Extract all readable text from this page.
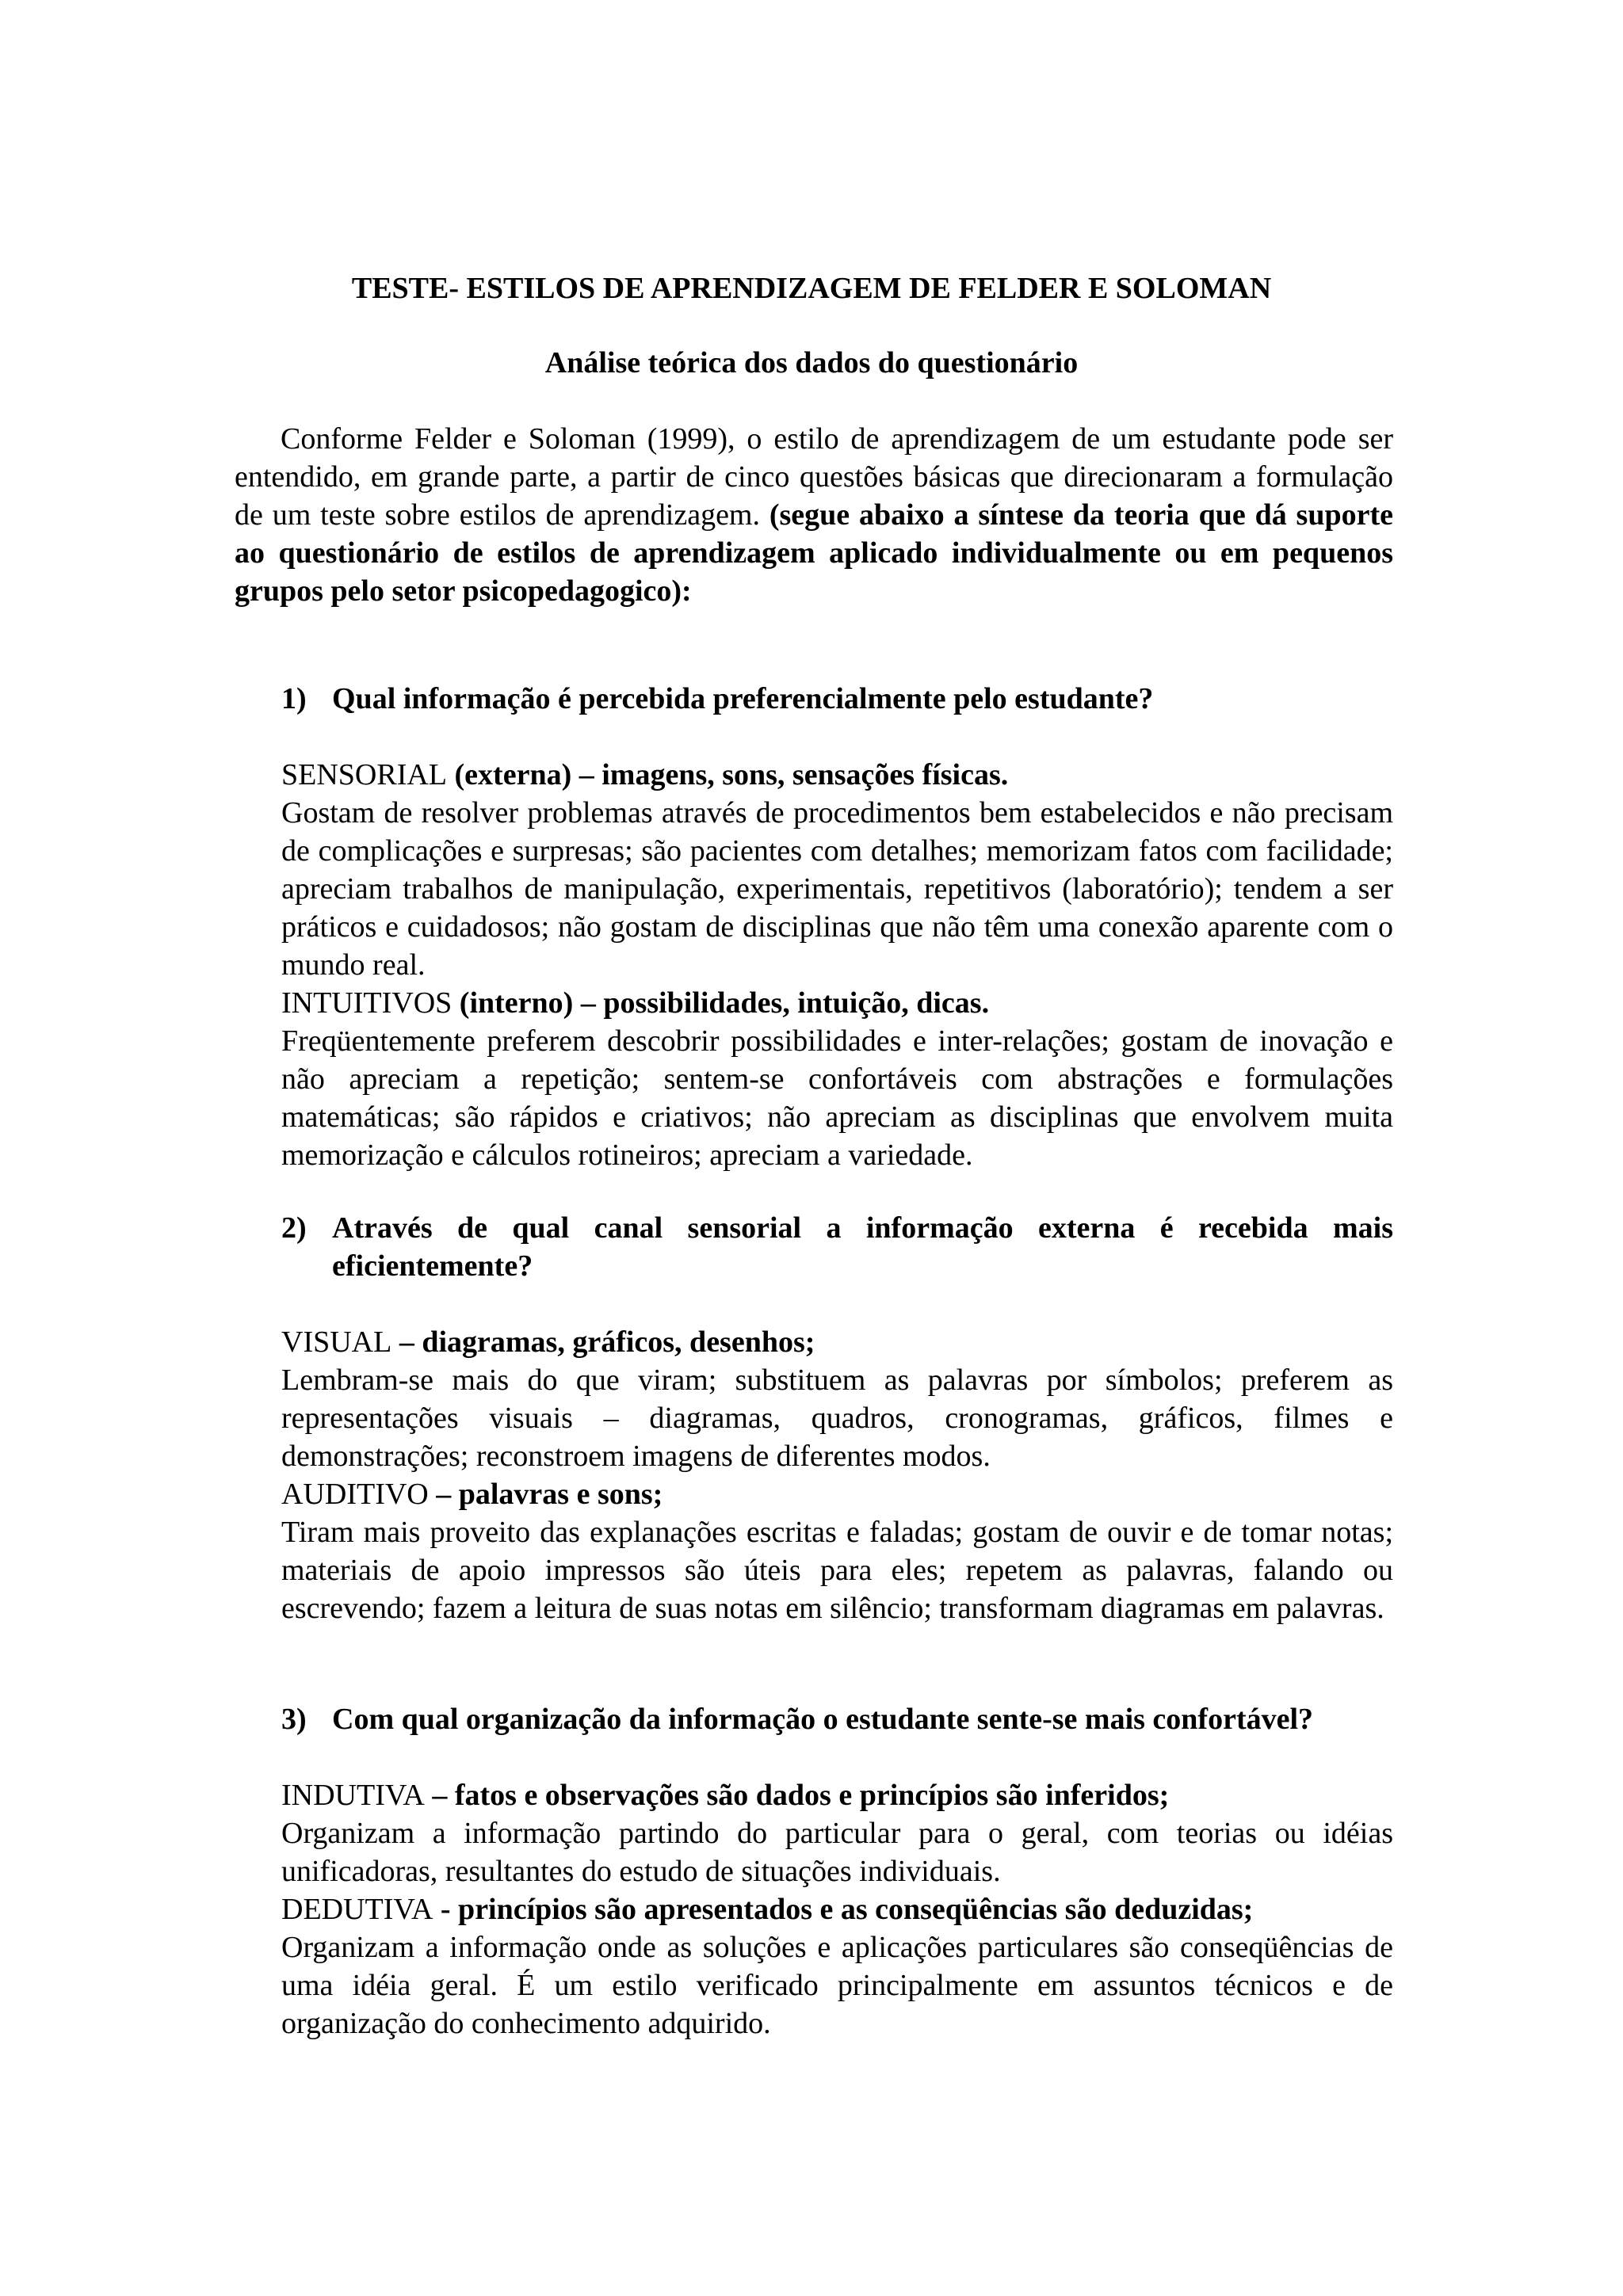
TESTE- ESTILOS DE APRENDIZAGEM DE FELDER E SOLOMAN
Análise teórica dos dados do questionário

Conforme Felder e Soloman (1999), o estilo de aprendizagem de um estudante pode ser entendido, em grande parte, a partir de cinco questões básicas que direcionaram a formulação de um teste sobre estilos de aprendizagem. (segue abaixo a síntese da teoria que dá suporte ao questionário de estilos de aprendizagem aplicado individualmente ou em pequenos grupos pelo setor psicopedagogico):

1) Qual informação é percebida preferencialmente pelo estudante?

SENSORIAL (externa) – imagens, sons, sensações físicas.

Gostam de resolver problemas através de procedimentos bem estabelecidos e não precisam de complicações e surpresas; são pacientes com detalhes; memorizam fatos com facilidade; apreciam trabalhos de manipulação, experimentais, repetitivos (laboratório); tendem a ser práticos e cuidadosos; não gostam de disciplinas que não têm uma conexão aparente com o mundo real.

INTUITIVOS (interno) – possibilidades, intuição, dicas.

Freqüentemente preferem descobrir possibilidades e inter-relações; gostam de inovação e não apreciam a repetição; sentem-se confortáveis com abstrações e formulações matemáticas; são rápidos e criativos; não apreciam as disciplinas que envolvem muita memorização e cálculos rotineiros; apreciam a variedade.

2) Através de qual canal sensorial a informação externa é recebida mais eficientemente?

VISUAL – diagramas, gráficos, desenhos;

Lembram-se mais do que viram; substituem as palavras por símbolos; preferem as representações visuais – diagramas, quadros, cronogramas, gráficos, filmes e demonstrações; reconstroem imagens de diferentes modos.

AUDITIVO – palavras e sons;

Tiram mais proveito das explanações escritas e faladas; gostam de ouvir e de tomar notas; materiais de apoio impressos são úteis para eles; repetem as palavras, falando ou escrevendo; fazem a leitura de suas notas em silêncio; transformam diagramas em palavras.

3) Com qual organização da informação o estudante sente-se mais confortável?

INDUTIVA – fatos e observações são dados e princípios são inferidos;

Organizam a informação partindo do particular para o geral, com teorias ou idéias unificadoras, resultantes do estudo de situações individuais.

DEDUTIVA - princípios são apresentados e as conseqüências são deduzidas;

Organizam a informação onde as soluções e aplicações particulares são conseqüências de uma idéia geral. É um estilo verificado principalmente em assuntos técnicos e de organização do conhecimento adquirido.
